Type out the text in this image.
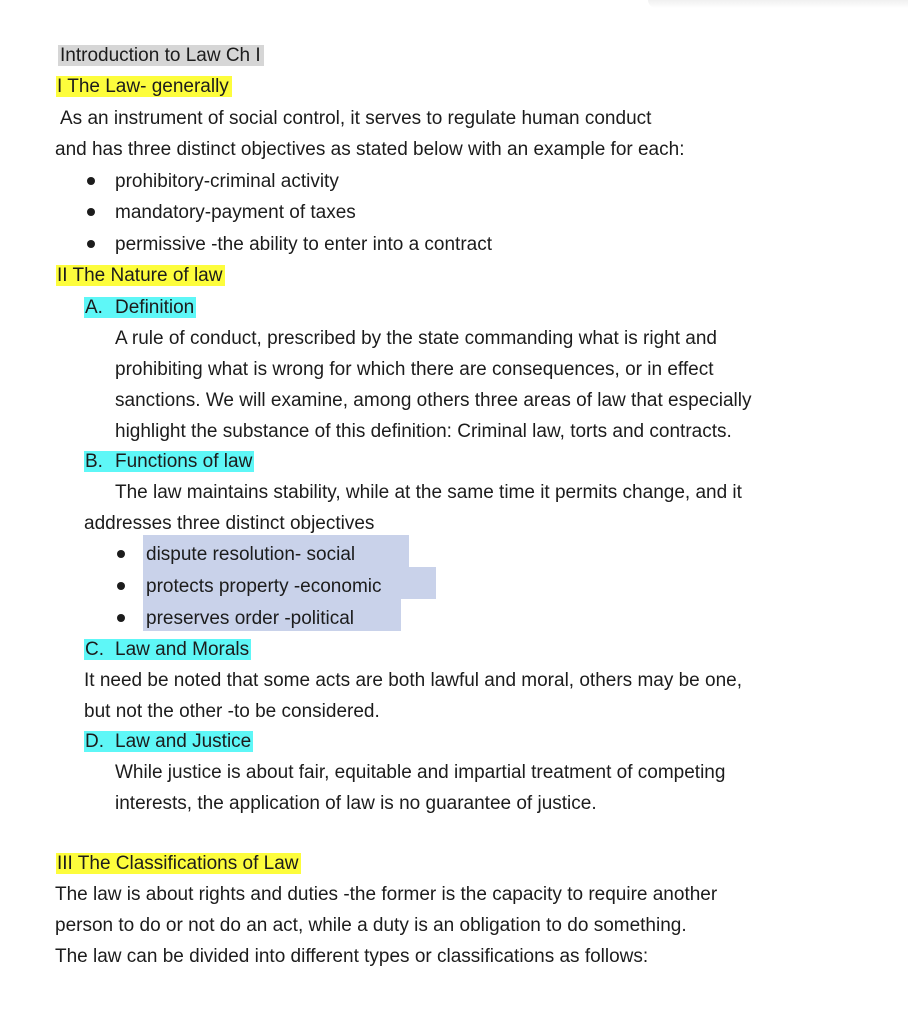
Introduction to Law Ch I
I The Law- generally
As an instrument of social control, it serves to regulate human conduct
and has three distinct objectives as stated below with an example for each:
prohibitory-criminal activity
mandatory-payment of taxes
permissive -the ability to enter into a contract
II The Nature of law
A. Definition
A rule of conduct, prescribed by the state commanding what is right and
prohibiting what is wrong for which there are consequences, or in effect
sanctions. We will examine, among others three areas of law that especially
highlight the substance of this definition: Criminal law, torts and contracts.
B. Functions of law
The law maintains stability, while at the same time it permits change, and it
addresses three distinct objectives
dispute resolution- social
protects property -economic
preserves order -political
C. Law and Morals
It need be noted that some acts are both lawful and moral, others may be one,
but not the other -to be considered.
D. Law and Justice
While justice is about fair, equitable and impartial treatment of competing
interests, the application of law is no guarantee of justice.
III The Classifications of Law
The law is about rights and duties -the former is the capacity to require another
person to do or not do an act, while a duty is an obligation to do something.
The law can be divided into different types or classifications as follows:
